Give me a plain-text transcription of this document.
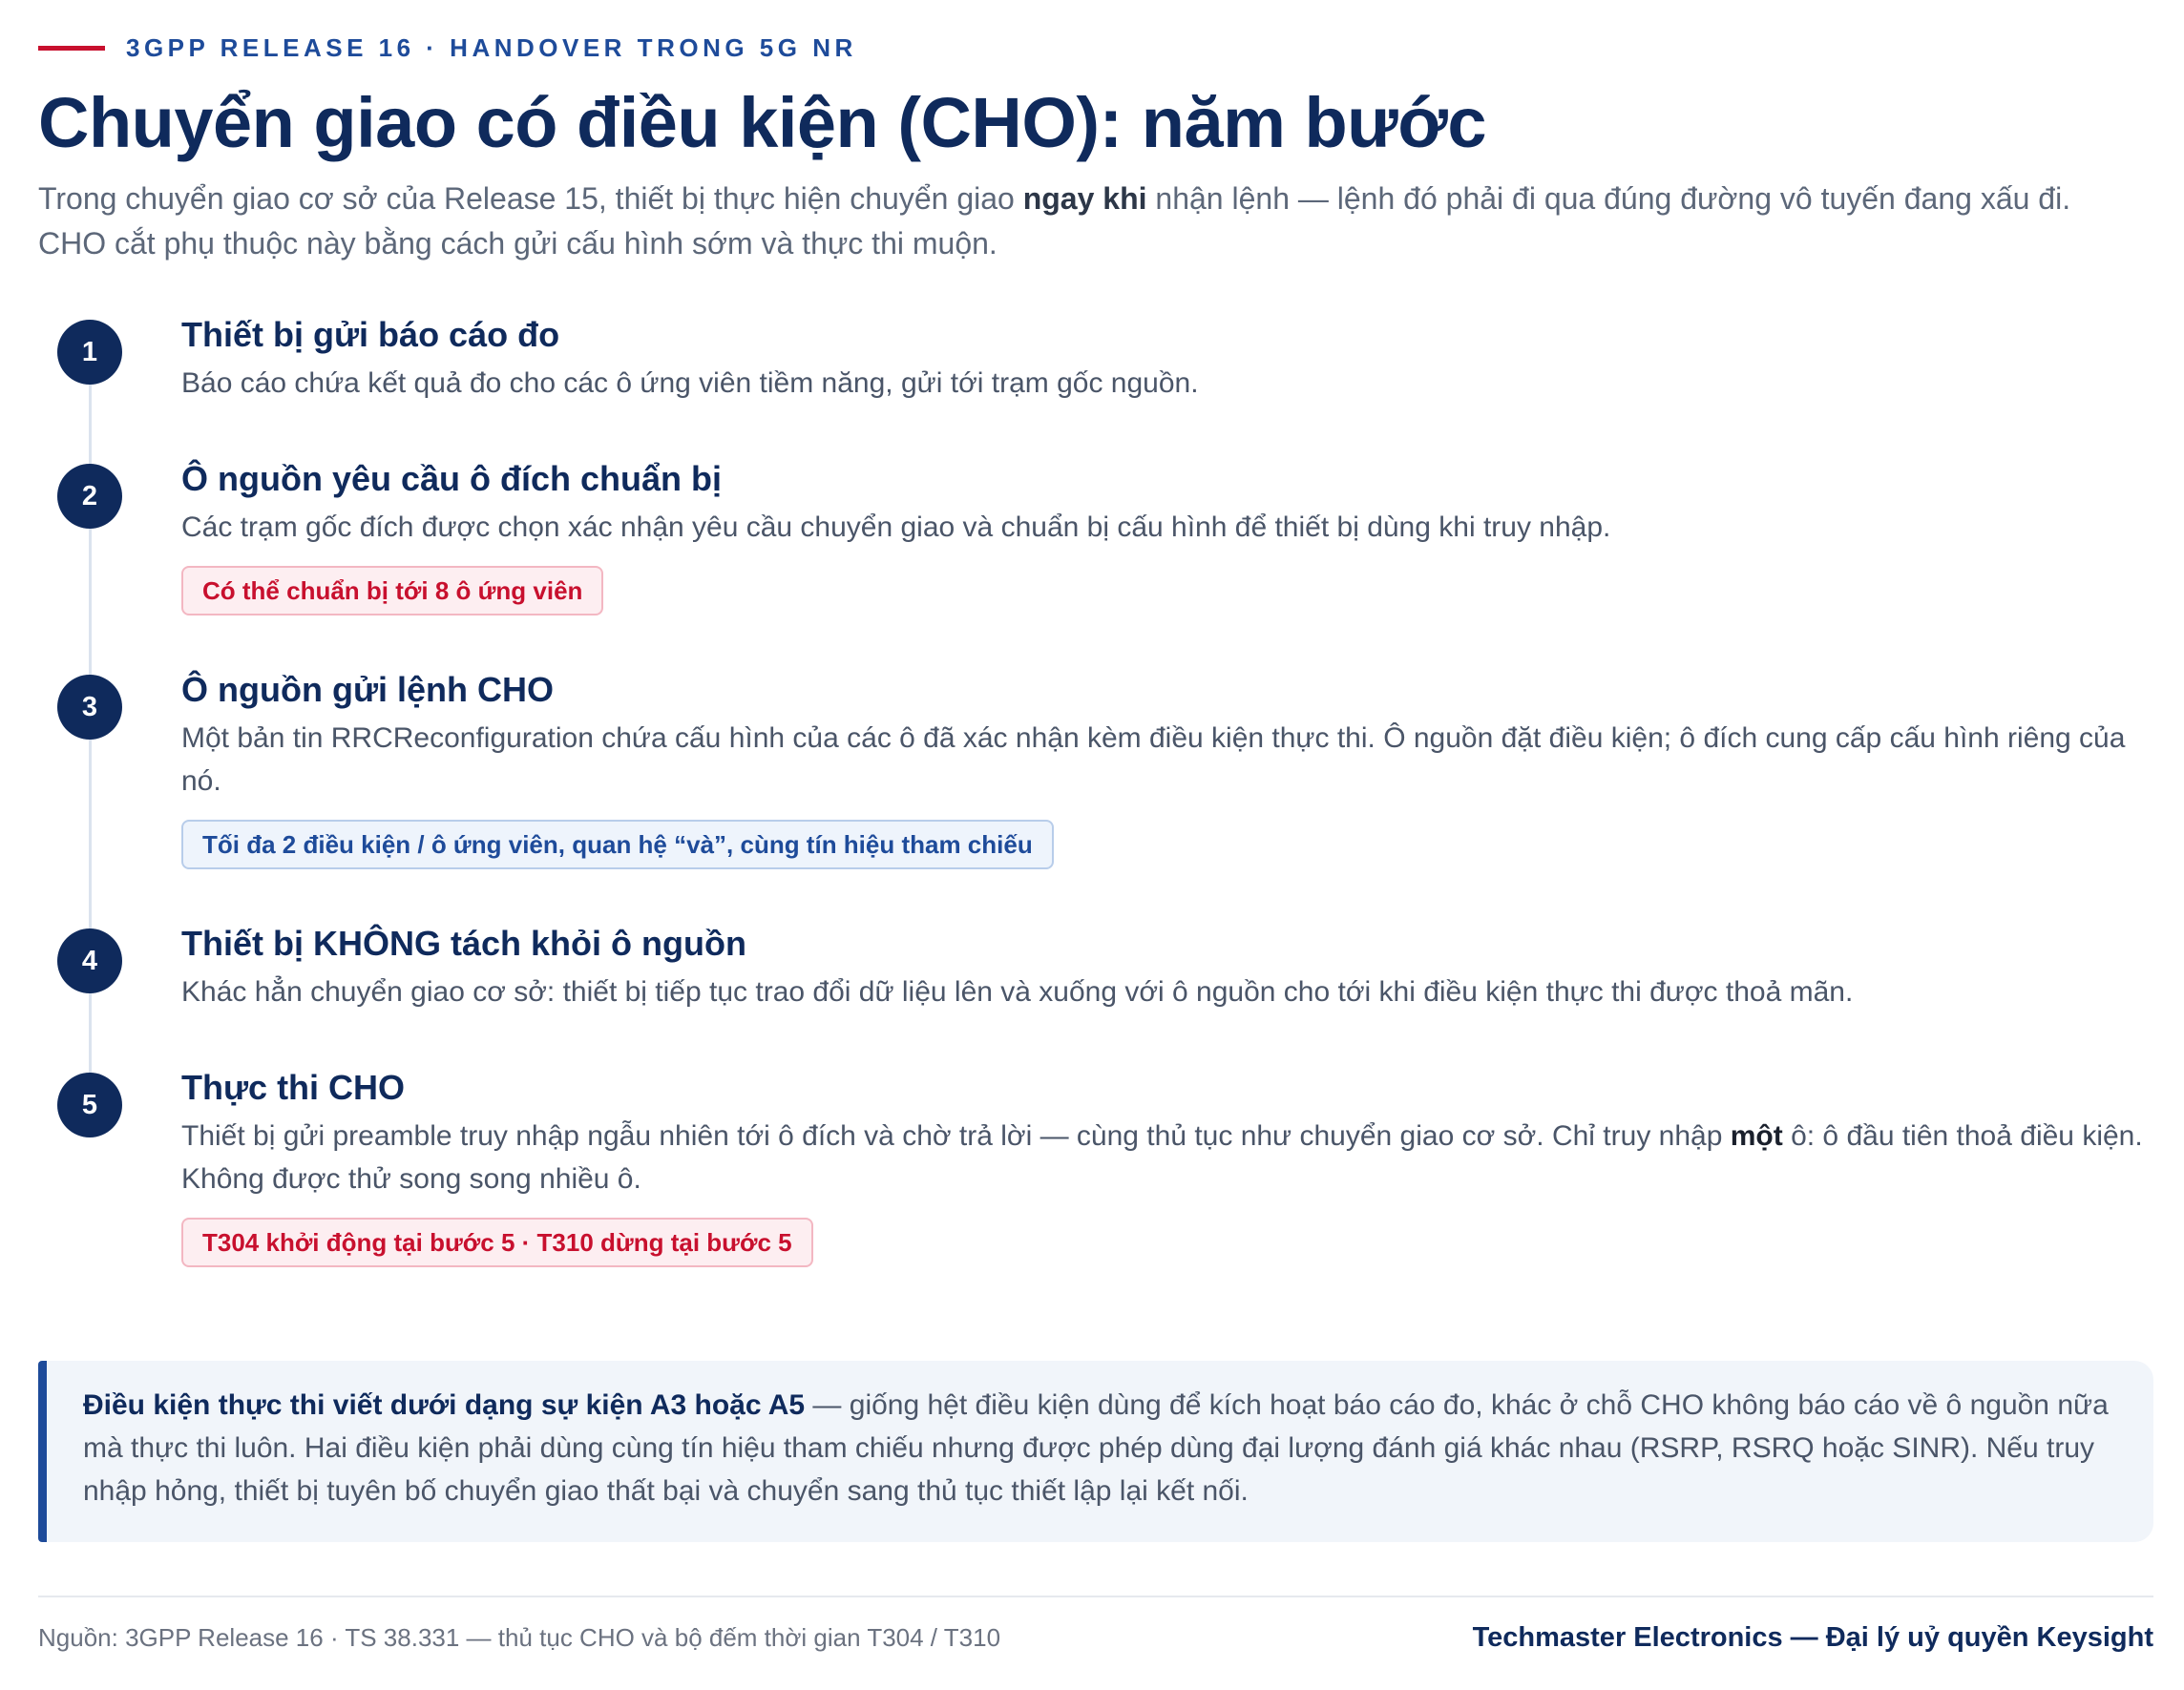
3GPP RELEASE 16 · HANDOVER TRONG 5G NR
Chuyển giao có điều kiện (CHO): năm bước

Trong chuyển giao cơ sở của Release 15, thiết bị thực hiện chuyển giao ngay khi nhận lệnh — lệnh đó phải đi qua đúng đường vô tuyến đang xấu đi. CHO cắt phụ thuộc này bằng cách gửi cấu hình sớm và thực thi muộn.

1	Thiết bị gửi báo cáo đo
Báo cáo chứa kết quả đo cho các ô ứng viên tiềm năng, gửi tới trạm gốc nguồn.
2	Ô nguồn yêu cầu ô đích chuẩn bị
Các trạm gốc đích được chọn xác nhận yêu cầu chuyển giao và chuẩn bị cấu hình để thiết bị dùng khi truy nhập.
Có thể chuẩn bị tới 8 ô ứng viên
3	Ô nguồn gửi lệnh CHO
Một bản tin RRCReconfiguration chứa cấu hình của các ô đã xác nhận kèm điều kiện thực thi. Ô nguồn đặt điều kiện; ô đích cung cấp cấu hình riêng của nó.
Tối đa 2 điều kiện / ô ứng viên, quan hệ “và”, cùng tín hiệu tham chiếu
4	Thiết bị KHÔNG tách khỏi ô nguồn
Khác hẳn chuyển giao cơ sở: thiết bị tiếp tục trao đổi dữ liệu lên và xuống với ô nguồn cho tới khi điều kiện thực thi được thoả mãn.
5	Thực thi CHO
Thiết bị gửi preamble truy nhập ngẫu nhiên tới ô đích và chờ trả lời — cùng thủ tục như chuyển giao cơ sở. Chỉ truy nhập một ô: ô đầu tiên thoả điều kiện. Không được thử song song nhiều ô.
T304 khởi động tại bước 5 · T310 dừng tại bước 5
Điều kiện thực thi viết dưới dạng sự kiện A3 hoặc A5 — giống hệt điều kiện dùng để kích hoạt báo cáo đo, khác ở chỗ CHO không báo cáo về ô nguồn nữa mà thực thi luôn. Hai điều kiện phải dùng cùng tín hiệu tham chiếu nhưng được phép dùng đại lượng đánh giá khác nhau (RSRP, RSRQ hoặc SINR). Nếu truy nhập hỏng, thiết bị tuyên bố chuyển giao thất bại và chuyển sang thủ tục thiết lập lại kết nối.
Nguồn: 3GPP Release 16 · TS 38.331 — thủ tục CHO và bộ đếm thời gian T304 / T310	Techmaster Electronics — Đại lý uỷ quyền Keysight
